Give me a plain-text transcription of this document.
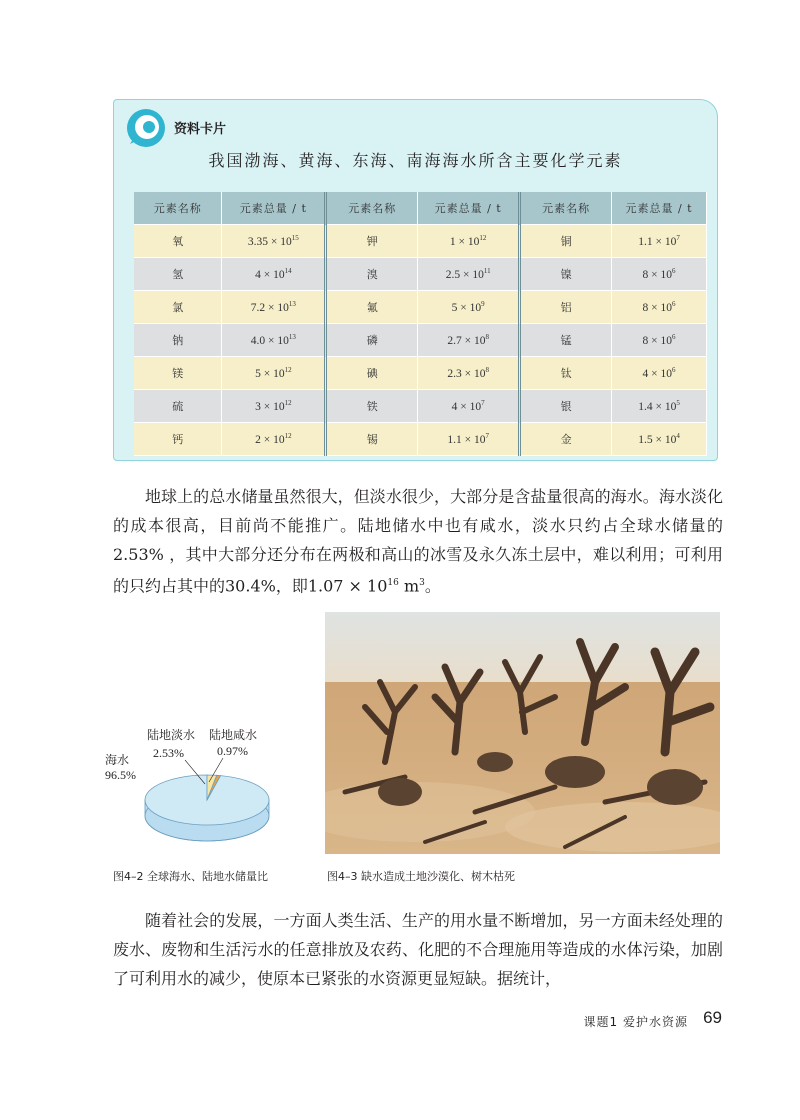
资料卡片
我国渤海、黄海、东海、南海海水所含主要化学元素
元素名称	元素总量 / t	元素名称	元素总量 / t	元素名称	元素总量 / t
氧	$3.35 \times 10^{15}$	钾	$1 \times 10^{12}$	铜	$1.1 \times 10^7$
氢	$4 \times 10^{14}$	溴	$2.5 \times 10^{11}$	镍	$8 \times 10^6$
氯	$7.2 \times 10^{13}$	氟	$5 \times 10^9$	铝	$8 \times 10^6$
钠	$4.0 \times 10^{13}$	磷	$2.7 \times 10^8$	锰	$8 \times 10^6$
镁	$5 \times 10^{12}$	碘	$2.3 \times 10^8$	钛	$4 \times 10^6$
硫	$3 \times 10^{12}$	铁	$4 \times 10^7$	银	$1.4 \times 10^5$
钙	$2 \times 10^{12}$	锡	$1.1 \times 10^7$	金	$1.5 \times 10^4$

地球上的总水储量虽然很大，但淡水很少，大部分是含盐量很高的海水。海水淡化的成本很高，目前尚不能推广。陆地储水中也有咸水，淡水只约占全球水储量的 2.53% ，其中大部分还分布在两极和高山的冰雪及永久冻土层中，难以利用；可利用的只约占其中的30.4%，即$1.07 \times 10^{16}$ $m^3$。

海水
96.5%
陆地淡水
2.53%
陆地咸水
0.97%
图4–2 全球海水、陆地水储量比	图4–3 缺水造成土地沙漠化、树木枯死

随着社会的发展，一方面人类生活、生产的用水量不断增加，另一方面未经处理的废水、废物和生活污水的任意排放及农药、化肥的不合理施用等造成的水体污染，加剧了可利用水的减少，使原本已紧张的水资源更显短缺。据统计，

课题1 爱护水资源 69
